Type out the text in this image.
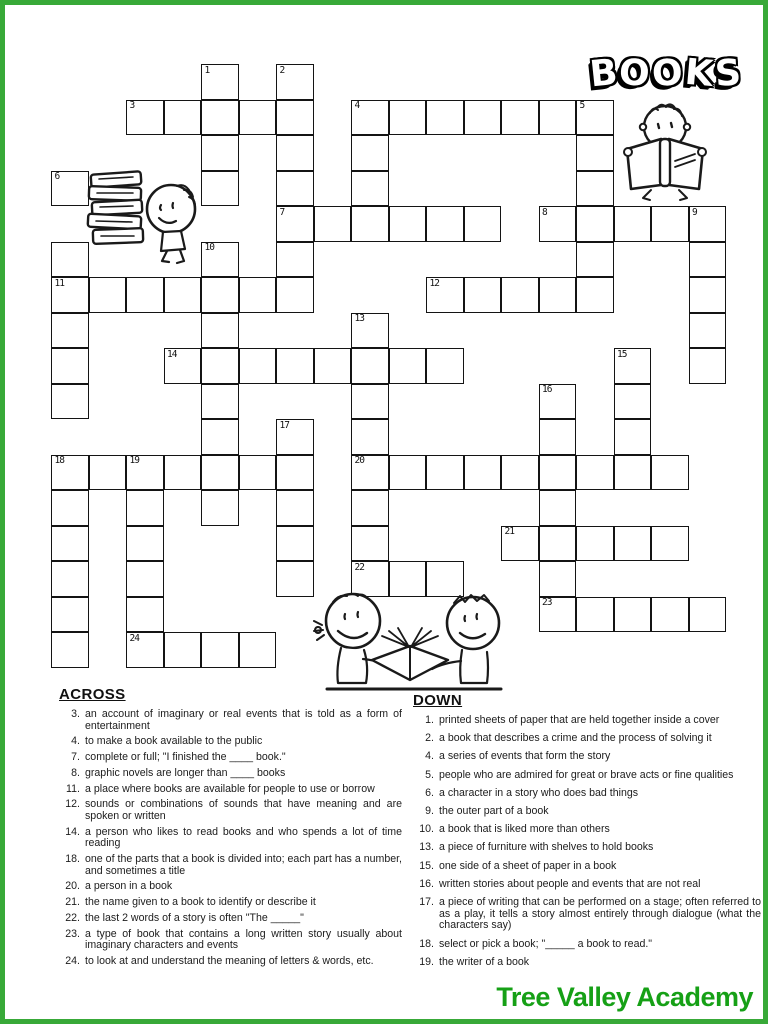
1	2
3	4	5
6
7	8	9
10
11	12
13
14	15
16
17
18	19	20
21
22
23
24
BOOKS
ACROSS
3. an account of imaginary or real events that is told as a form of entertainment
4. to make a book available to the public
7. complete or full; "I finished the ____ book."
8. graphic novels are longer than ____ books
11. a place where books are available for people to use or borrow
12. sounds or combinations of sounds that have meaning and are spoken or written
14. a person who likes to read books and who spends a lot of time reading
18. one of the parts that a book is divided into; each part has a number, and sometimes a title
20. a person in a book
21. the name given to a book to identify or describe it
22. the last 2 words of a story is often "The _____"
23. a type of book that contains a long written story usually about imaginary characters and events
24. to look at and understand the meaning of letters & words, etc.
DOWN
1. printed sheets of paper that are held together inside a cover
2. a book that describes a crime and the process of solving it
4. a series of events that form the story
5. people who are admired for great or brave acts or fine qualities
6. a character in a story who does bad things
9. the outer part of a book
10. a book that is liked more than others
13. a piece of furniture with shelves to hold books
15. one side of a sheet of paper in a book
16. written stories about people and events that are not real
17. a piece of writing that can be performed on a stage; often referred to as a play, it tells a story almost entirely through dialogue (what the characters say)
18. select or pick a book; "_____ a book to read."
19. the writer of a book
Tree Valley Academy
